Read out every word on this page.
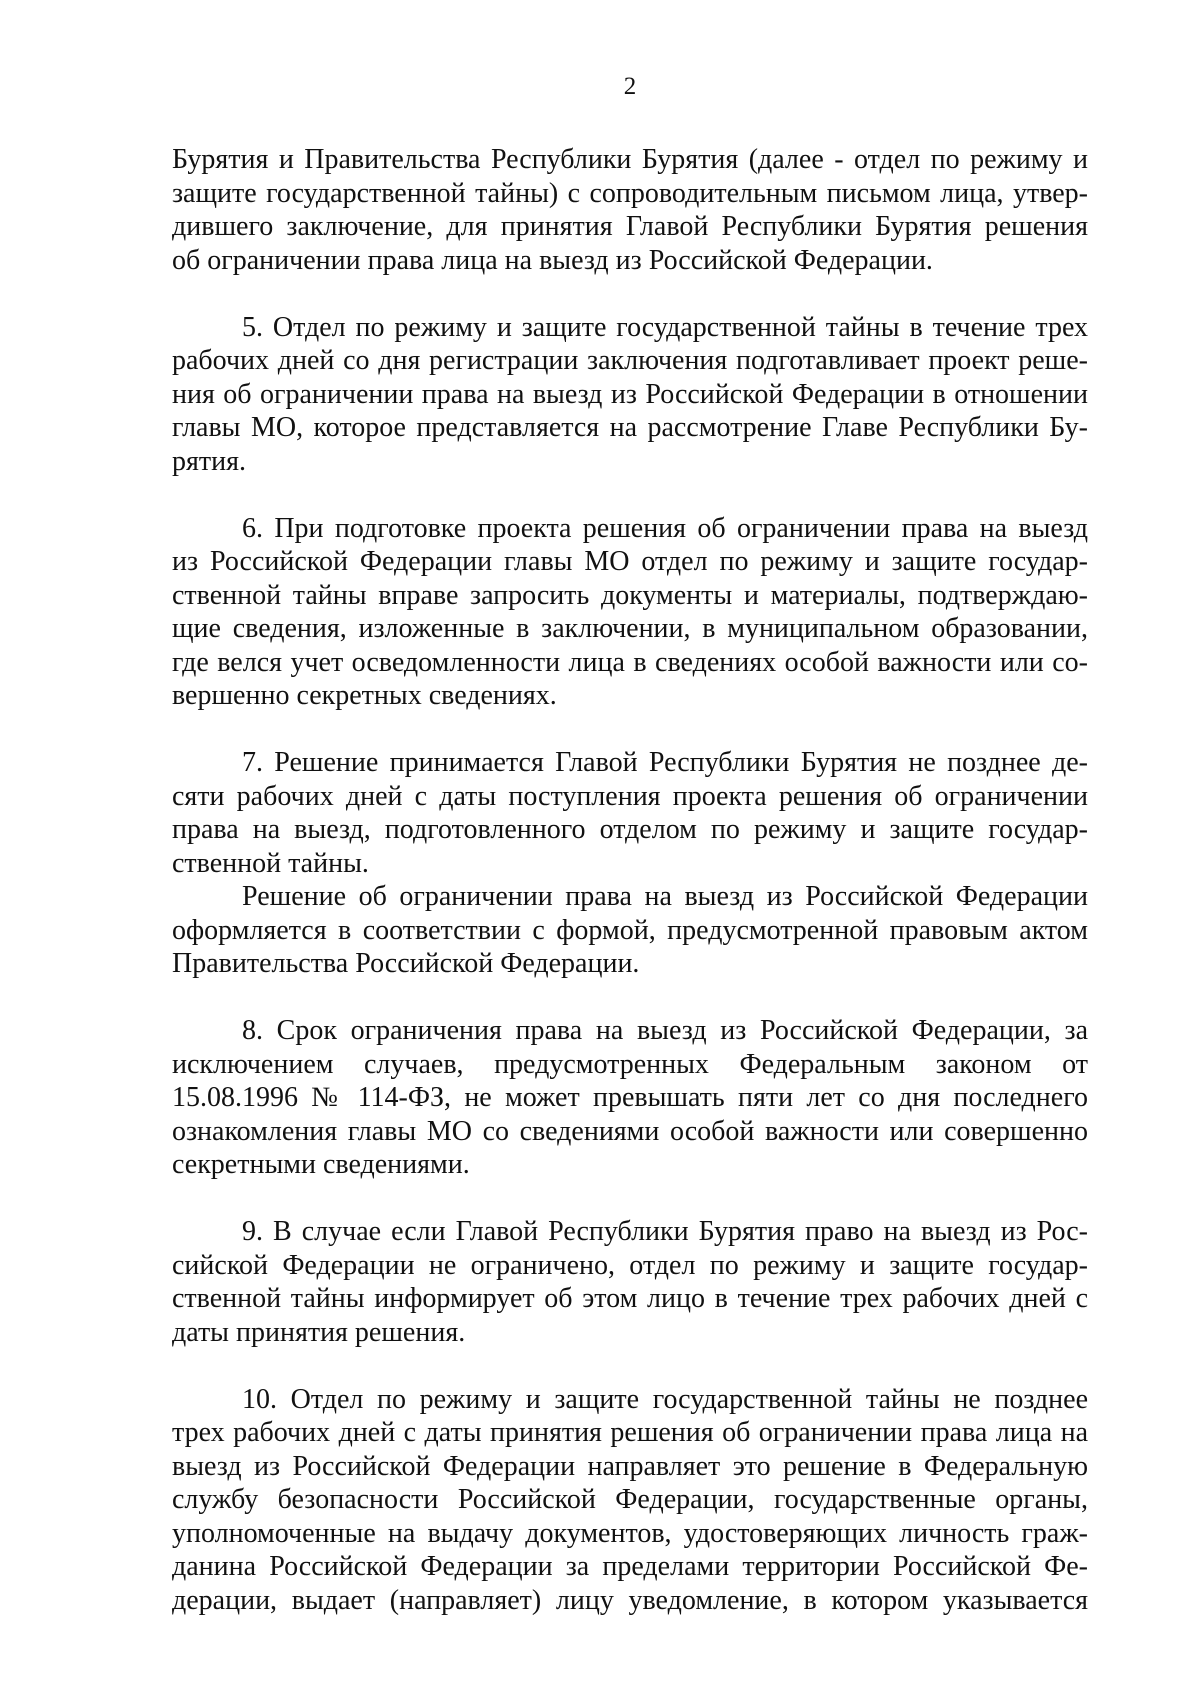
2
Бурятия и Правительства Республики Бурятия (далее - отдел по режиму и
защите государственной тайны) с сопроводительным письмом лица, утвер-
дившего заключение, для принятия Главой Республики Бурятия решения
об ограничении права лица на выезд из Российской Федерации.
5. Отдел по режиму и защите государственной тайны в течение трех
рабочих дней со дня регистрации заключения подготавливает проект реше-
ния об ограничении права на выезд из Российской Федерации в отношении
главы МО, которое представляется на рассмотрение Главе Республики Бу-
рятия.
6. При подготовке проекта решения об ограничении права на выезд
из Российской Федерации главы МО отдел по режиму и защите государ-
ственной тайны вправе запросить документы и материалы, подтверждаю-
щие сведения, изложенные в заключении, в муниципальном образовании,
где велся учет осведомленности лица в сведениях особой важности или со-
вершенно секретных сведениях.
7. Решение принимается Главой Республики Бурятия не позднее де-
сяти рабочих дней с даты поступления проекта решения об ограничении
права на выезд, подготовленного отделом по режиму и защите государ-
ственной тайны.
Решение об ограничении права на выезд из Российской Федерации
оформляется в соответствии с формой, предусмотренной правовым актом
Правительства Российской Федерации.
8. Срок ограничения права на выезд из Российской Федерации, за
исключением случаев, предусмотренных Федеральным законом от
15.08.1996 № 114-ФЗ, не может превышать пяти лет со дня последнего
ознакомления главы МО со сведениями особой важности или совершенно
секретными сведениями.
9. В случае если Главой Республики Бурятия право на выезд из Рос-
сийской Федерации не ограничено, отдел по режиму и защите государ-
ственной тайны информирует об этом лицо в течение трех рабочих дней с
даты принятия решения.
10. Отдел по режиму и защите государственной тайны не позднее
трех рабочих дней с даты принятия решения об ограничении права лица на
выезд из Российской Федерации направляет это решение в Федеральную
службу безопасности Российской Федерации, государственные органы,
уполномоченные на выдачу документов, удостоверяющих личность граж-
данина Российской Федерации за пределами территории Российской Фе-
дерации, выдает (направляет) лицу уведомление, в котором указывается
